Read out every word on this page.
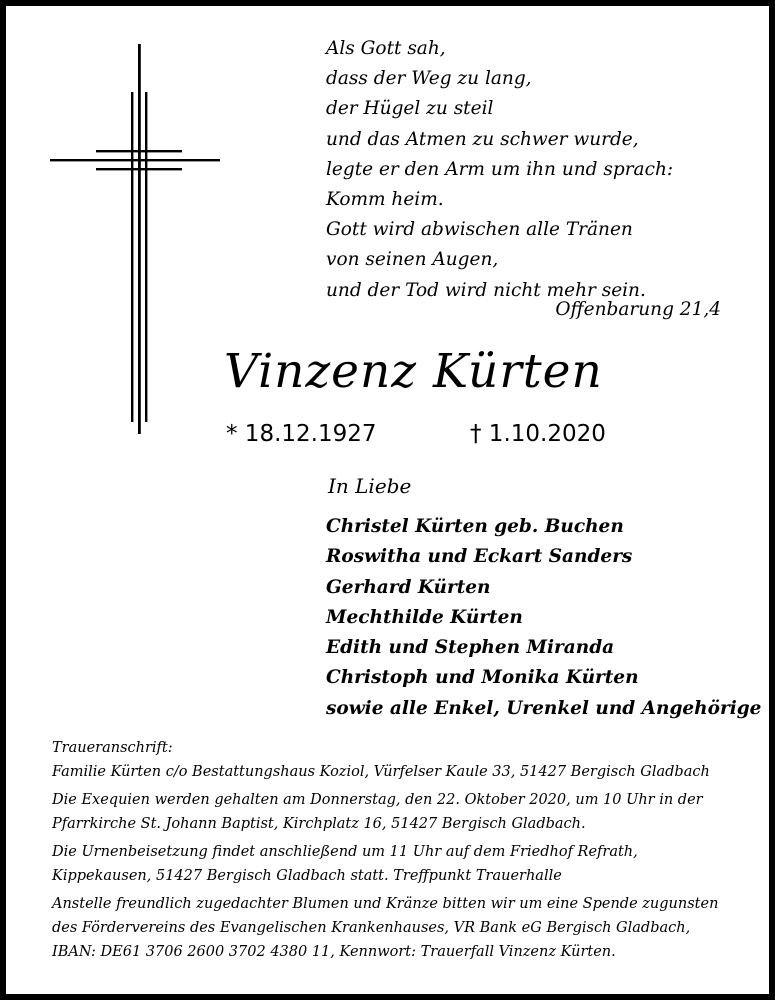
Als Gott sah,
dass der Weg zu lang,
der Hügel zu steil
und das Atmen zu schwer wurde,
legte er den Arm um ihn und sprach:
Komm heim.
Gott wird abwischen alle Tränen
von seinen Augen,
und der Tod wird nicht mehr sein.
Offenbarung 21,4
Vinzenz Kürten
* 18.12.1927	† 1.10.2020
In Liebe
Christel Kürten geb. Buchen
Roswitha und Eckart Sanders
Gerhard Kürten
Mechthilde Kürten
Edith und Stephen Miranda
Christoph und Monika Kürten
sowie alle Enkel, Urenkel und Angehörige
Traueranschrift:
Familie Kürten c/o Bestattungshaus Koziol, Vürfelser Kaule 33, 51427 Bergisch Gladbach
Die Exequien werden gehalten am Donnerstag, den 22. Oktober 2020, um 10 Uhr in der
Pfarrkirche St. Johann Baptist, Kirchplatz 16, 51427 Bergisch Gladbach.
Die Urnenbeisetzung findet anschließend um 11 Uhr auf dem Friedhof Refrath,
Kippekausen, 51427 Bergisch Gladbach statt. Treffpunkt Trauerhalle
Anstelle freundlich zugedachter Blumen und Kränze bitten wir um eine Spende zugunsten
des Fördervereins des Evangelischen Krankenhauses, VR Bank eG Bergisch Gladbach,
IBAN: DE61 3706 2600 3702 4380 11, Kennwort: Trauerfall Vinzenz Kürten.
